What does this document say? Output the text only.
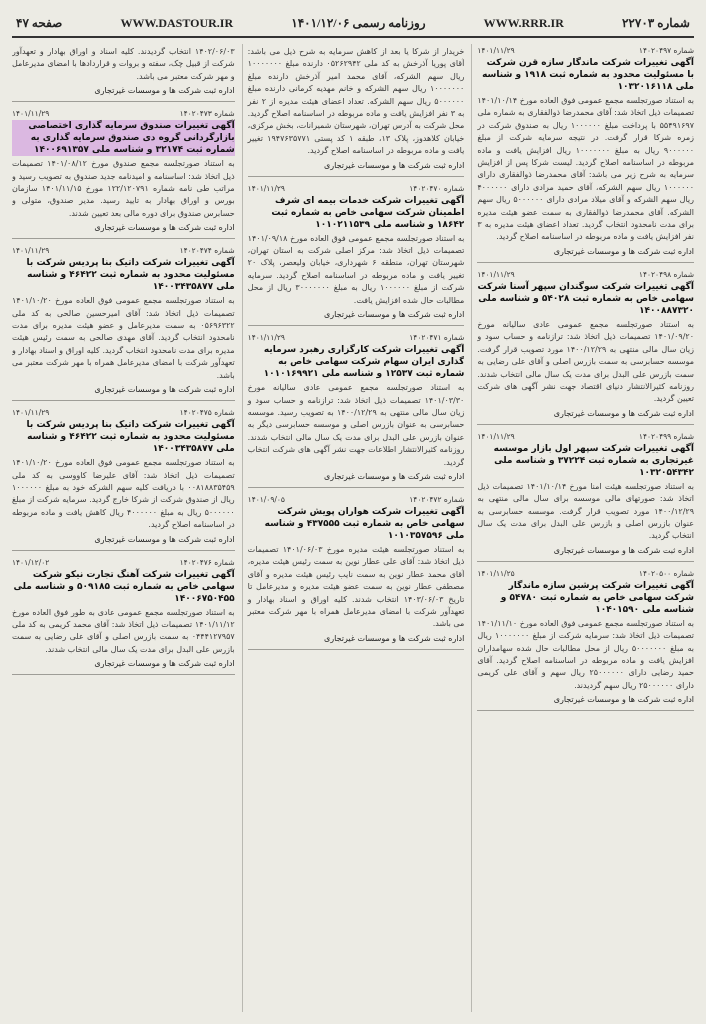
صفحه ۴۷	WWW.DASTOUR.IR	روزنامه رسمی ۱۴۰۱/۱۲/۰۶	WWW.RRR.IR	شماره ۲۲۷۰۳
شماره ۱۴۰۲۰۴۹۷
۱۴۰۱/۱۱/۲۹
آگهی تغییرات شرکت ماندگار سازه قرن شرکت با مسئولیت محدود به شماره ثبت ۱۹۱۸ و شناسه ملی ۱۰۳۲۰۱۶۱۱۸

به استناد صورتجلسه مجمع عمومی فوق العاده مورخ ۱۴۰۱/۱۰/۱۴ تصمیمات ذیل اتخاذ شد: آقای محمدرضا ذوالفقاری به شماره ملی ۵۵۴۹۱۶۹۷ با پرداخت مبلغ ۱۰۰۰۰۰۰ ریال به صندوق شرکت در زمره شرکا قرار گرفت. در نتیجه سرمایه شرکت از مبلغ ۹۰۰۰۰۰۰ ریال به مبلغ ۱۰۰۰۰۰۰۰ ریال افزایش یافت و ماده مربوطه در اساسنامه اصلاح گردید. لیست شرکا پس از افزایش سرمایه به شرح زیر می باشد: آقای محمدرضا ذوالفقاری دارای ۱۰۰۰۰۰۰ ریال سهم الشرکه، آقای حمید مرادی دارای ۴۰۰۰۰۰۰ ریال سهم الشرکه و آقای میلاد مرادی دارای ۵۰۰۰۰۰۰ ریال سهم الشرکه. آقای محمدرضا ذوالفقاری به سمت عضو هیئت مدیره برای مدت نامحدود انتخاب گردید. تعداد اعضای هیئت مدیره به ۳ نفر افزایش یافت و ماده مربوطه در اساسنامه اصلاح گردید.

اداره ثبت شرکت ها و موسسات غیرتجاری
شماره ۱۴۰۲۰۴۹۸
۱۴۰۱/۱۱/۲۹
آگهی تغییرات شرکت سوگندان سپهر آسنا شرکت سهامی خاص به شماره ثبت ۵۴۰۲۸ و شناسه ملی ۱۴۰۰۸۸۷۳۲۰

به استناد صورتجلسه مجمع عمومی عادی سالیانه مورخ ۱۴۰۱/۰۹/۲۰ تصمیمات ذیل اتخاذ شد: ترازنامه و حساب سود و زیان سال مالی منتهی به ۱۴۰۰/۱۲/۲۹ مورد تصویب قرار گرفت. موسسه حسابرسی به سمت بازرس اصلی و آقای علی رضایی به سمت بازرس علی البدل برای مدت یک سال مالی انتخاب شدند. روزنامه کثیرالانتشار دنیای اقتصاد جهت نشر آگهی های شرکت تعیین گردید.

اداره ثبت شرکت ها و موسسات غیرتجاری
شماره ۱۴۰۲۰۴۹۹
۱۴۰۱/۱۱/۲۹
آگهی تغییرات شرکت سپهر اول بازار موسسه غیرتجاری به شماره ثبت ۳۷۲۲۴ و شناسه ملی ۱۰۳۲۰۵۴۳۴۲

به استناد صورتجلسه هیئت امنا مورخ ۱۴۰۱/۱۰/۱۴ تصمیمات ذیل اتخاذ شد: صورتهای مالی موسسه برای سال مالی منتهی به ۱۴۰۰/۱۲/۲۹ مورد تصویب قرار گرفت. موسسه حسابرسی به عنوان بازرس اصلی و بازرس علی البدل برای مدت یک سال انتخاب گردید.

اداره ثبت شرکت ها و موسسات غیرتجاری
شماره ۱۴۰۲۰۵۰۰
۱۴۰۱/۱۱/۲۵
آگهی تغییرات شرکت پرشین سازه ماندگار شرکت سهامی خاص به شماره ثبت ۵۴۷۸۰ و شناسه ملی ۱۰۴۰۱۵۹۰

به استناد صورتجلسه مجمع عمومی فوق العاده مورخ ۱۴۰۱/۱۱/۱۰ تصمیمات ذیل اتخاذ شد: سرمایه شرکت از مبلغ ۱۰۰۰۰۰۰۰ ریال به مبلغ ۵۰۰۰۰۰۰۰ ریال از محل مطالبات حال شده سهامداران افزایش یافت و ماده مربوطه در اساسنامه اصلاح گردید. آقای حمید رضایی دارای ۲۵۰۰۰۰۰۰ ریال سهم و آقای علی کریمی دارای ۲۵۰۰۰۰۰۰ ریال سهم گردیدند.

اداره ثبت شرکت ها و موسسات غیرتجاری

خریدار از شرکا یا بعد از کاهش سرمایه به شرح ذیل می باشد: آقای پوریا آذرخش به کد ملی ۰۵۲۶۲۹۴۲ دارنده مبلغ ۱۰۰۰۰۰۰۰ ریال سهم الشرکه، آقای محمد امیر آذرخش دارنده مبلغ ۱۰۰۰۰۰۰۰ ریال سهم الشرکه و خانم مهدیه کرمانی دارنده مبلغ ۵۰۰۰۰۰۰ ریال سهم الشرکه. تعداد اعضای هیئت مدیره از ۲ نفر به ۳ نفر افزایش یافت و ماده مربوطه در اساسنامه اصلاح گردید. محل شرکت به آدرس تهران، شهرستان شمیرانات، بخش مرکزی، خیابان کلاهدوز، پلاک ۱۳، طبقه ۱ کد پستی ۱۹۴۷۶۳۵۷۷۱ تغییر یافت و ماده مربوطه در اساسنامه اصلاح گردید.

اداره ثبت شرکت ها و موسسات غیرتجاری
شماره ۱۴۰۲۰۴۷۰
۱۴۰۱/۱۱/۲۹
آگهی تغییرات شرکت خدمات بیمه ای شرف اطمینان شرکت سهامی خاص به شماره ثبت ۱۸۶۴۲ و شناسه ملی ۱۰۱۰۲۱۱۵۳۹

به استناد صورتجلسه مجمع عمومی فوق العاده مورخ ۱۴۰۱/۰۹/۱۸ تصمیمات ذیل اتخاذ شد: مرکز اصلی شرکت به استان تهران، شهرستان تهران، منطقه ۶ شهرداری، خیابان ولیعصر، پلاک ۲۰ تغییر یافت و ماده مربوطه در اساسنامه اصلاح گردید. سرمایه شرکت از مبلغ ۱۰۰۰۰۰۰ ریال به مبلغ ۳۰۰۰۰۰۰۰ ریال از محل مطالبات حال شده افزایش یافت.

اداره ثبت شرکت ها و موسسات غیرتجاری
شماره ۱۴۰۲۰۴۷۱
۱۴۰۱/۱۱/۲۹
آگهی تغییرات شرکت کارگزاری رهبرد سرمایه گذاری ایران سهام شرکت سهامی خاص به شماره ثبت ۱۲۵۳۷ و شناسه ملی ۱۰۱۰۱۶۹۹۲۱

به استناد صورتجلسه مجمع عمومی عادی سالیانه مورخ ۱۴۰۱/۰۳/۳۰ تصمیمات ذیل اتخاذ شد: ترازنامه و حساب سود و زیان سال مالی منتهی به ۱۴۰۰/۱۲/۲۹ به تصویب رسید. موسسه حسابرسی به عنوان بازرس اصلی و موسسه حسابرسی دیگر به عنوان بازرس علی البدل برای مدت یک سال مالی انتخاب شدند. روزنامه کثیرالانتشار اطلاعات جهت نشر آگهی های شرکت انتخاب گردید.

اداره ثبت شرکت ها و موسسات غیرتجاری
شماره ۱۴۰۲۰۴۷۲
۱۴۰۱/۰۹/۰۵
آگهی تغییرات شرکت هواران پویش شرکت سهامی خاص به شماره ثبت ۴۳۷۵۵۵ و شناسه ملی ۱۰۱۰۳۵۷۵۹۶

به استناد صورتجلسه هیئت مدیره مورخ ۱۴۰۱/۰۶/۰۳ تصمیمات ذیل اتخاذ شد: آقای علی عطار نوین به سمت رئیس هیئت مدیره، آقای محمد عطار نوین به سمت نایب رئیس هیئت مدیره و آقای مصطفی عطار نوین به سمت عضو هیئت مدیره و مدیرعامل تا تاریخ ۱۴۰۳/۰۶/۰۳ انتخاب شدند. کلیه اوراق و اسناد بهادار و تعهدآور شرکت با امضای مدیرعامل همراه با مهر شرکت معتبر می باشد.

اداره ثبت شرکت ها و موسسات غیرتجاری

۱۴۰۲/۰۶/۰۳ انتخاب گردیدند. کلیه اسناد و اوراق بهادار و تعهدآور شرکت از قبیل چک، سفته و بروات و قراردادها با امضای مدیرعامل و مهر شرکت معتبر می باشد.

اداره ثبت شرکت ها و موسسات غیرتجاری
شماره ۱۴۰۲۰۴۷۳
۱۴۰۱/۱۱/۲۹
آگهی تغییرات صندوق سرمایه گذاری اختصاصی بازارگردانی گروه دی صندوق سرمایه گذاری به شماره ثبت ۳۲۱۷۴ و شناسه ملی ۱۴۰۰۶۹۱۳۵۷

به استناد صورتجلسه مجمع صندوق مورخ ۱۴۰۱/۰۸/۱۲ تصمیمات ذیل اتخاذ شد: اساسنامه و امیدنامه جدید صندوق به تصویب رسید و مراتب طی نامه شماره ۱۲۲/۱۲۰۷۹۱ مورخ ۱۴۰۱/۱۱/۱۵ سازمان بورس و اوراق بهادار به تایید رسید. مدیر صندوق، متولی و حسابرس صندوق برای دوره مالی بعد تعیین شدند.

اداره ثبت شرکت ها و موسسات غیرتجاری
شماره ۱۴۰۲۰۴۷۴
۱۴۰۱/۱۱/۲۹
آگهی تغییرات شرکت داتیک بنا پردیس شرکت با مسئولیت محدود به شماره ثبت ۴۶۴۲۲ و شناسه ملی ۱۴۰۰۳۴۳۵۸۷۷

به استناد صورتجلسه مجمع عمومی فوق العاده مورخ ۱۴۰۱/۱۰/۲۰ تصمیمات ذیل اتخاذ شد: آقای امیرحسین صالحی به کد ملی ۰۵۶۹۶۳۲۲ به سمت مدیرعامل و عضو هیئت مدیره برای مدت نامحدود انتخاب گردید. آقای مهدی صالحی به سمت رئیس هیئت مدیره برای مدت نامحدود انتخاب گردید. کلیه اوراق و اسناد بهادار و تعهدآور شرکت با امضای مدیرعامل همراه با مهر شرکت معتبر می باشد.

اداره ثبت شرکت ها و موسسات غیرتجاری
شماره ۱۴۰۲۰۴۷۵
۱۴۰۱/۱۱/۲۹
آگهی تغییرات شرکت داتیک بنا پردیس شرکت با مسئولیت محدود به شماره ثبت ۴۶۴۲۲ و شناسه ملی ۱۴۰۰۳۴۳۵۸۷۷

به استناد صورتجلسه مجمع عمومی فوق العاده مورخ ۱۴۰۱/۱۰/۲۰ تصمیمات ذیل اتخاذ شد: آقای علیرضا کاووسی به کد ملی ۰۰۸۱۸۸۳۵۴۵۹ با دریافت کلیه سهم الشرکه خود به مبلغ ۱۰۰۰۰۰۰ ریال از صندوق شرکت از شرکا خارج گردید. سرمایه شرکت از مبلغ ۵۰۰۰۰۰۰ ریال به مبلغ ۴۰۰۰۰۰۰ ریال کاهش یافت و ماده مربوطه در اساسنامه اصلاح گردید.

اداره ثبت شرکت ها و موسسات غیرتجاری
شماره ۱۴۰۲۰۴۷۶
۱۴۰۱/۱۲/۰۲
آگهی تغییرات شرکت آهنگ تجارت نیکو شرکت سهامی خاص به شماره ثبت ۵۰۹۱۸۵ و شناسه ملی ۱۴۰۰۶۷۵۰۴۵۵

به استناد صورتجلسه مجمع عمومی عادی به طور فوق العاده مورخ ۱۴۰۱/۱۱/۱۲ تصمیمات ذیل اتخاذ شد: آقای محمد کریمی به کد ملی ۰۴۴۴۱۲۷۹۵۷ به سمت بازرس اصلی و آقای علی رضایی به سمت بازرس علی البدل برای مدت یک سال مالی انتخاب شدند.

اداره ثبت شرکت ها و موسسات غیرتجاری
